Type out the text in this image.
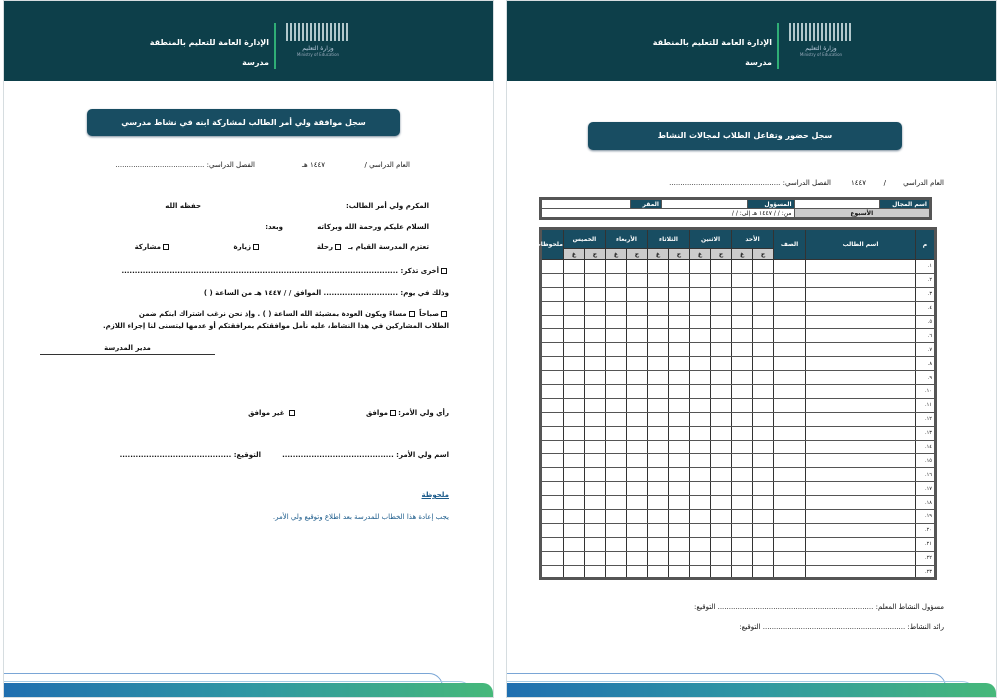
الإدارة العامة للتعليم بالمنطقة
مدرسة
وزارة التعليم
Ministry of Education
سجل موافقة ولي أمر الطالب لمشاركة ابنه في نشاط مدرسي
العام الدراسي /
١٤٤٧ هـ
الفصل الدراسي: ........................................
المكرم ولي أمر الطالب:
حفظه الله
السلام عليكم ورحمة الله وبركاته
وبعد:
تعتزم المدرسة القيام بـ
رحلة
زيارة
مشاركة
أخرى تذكر: ........................................................................................................
وذلك في يوم: ............................ الموافق / / ١٤٤٧ هـ من الساعة ( )
صباحاً مساءً ويكون العودة بمشيئة الله الساعة ( ) . وإذ نحن نرغب اشتراك ابنكم ضمن
الطلاب المشاركين في هذا النشاط، عليه نأمل موافقتكم بمرافقتكم أو عدمها ليتسنى لنا إجراء اللازم.
مدير المدرسة
رأي ولي الأمر:
موافق
غير موافق
اسم ولي الأمر: ..........................................
التوقيع: ..........................................
ملحوظة
يجب إعادة هذا الخطاب للمدرسة بعد اطلاع وتوقيع ولي الأمر.
الإدارة العامة للتعليم بالمنطقة
مدرسة
وزارة التعليم
Ministry of Education
سجل حضور وتفاعل الطلاب لمجالات النشاط
العام الدراسي
/
١٤٤٧
الفصل الدراسي: ..................................................
اسم المجال		المسؤول		المقر	
الأسبوع		من: / / ١٤٤٧ هـ إلى: / /			
م	اسم الطالب	الصف	الأحد		الاثنين		الثلاثاء		الأربعاء		الخميس		ملحوظات
			ح	غ	ح	غ	ح	غ	ح	غ	ح	غ	
١.													
٢.													
٣.													
٤.													
٥.													
٦.													
٧.													
٨.													
٩.													
١٠.													
١١.													
١٢.													
١٣.													
١٤.													
١٥.													
١٦.													
١٧.													
١٨.													
١٩.													
٢٠.													
٢١.													
٢٢.													
٢٣.													
مسؤول النشاط المعلم: ...................................................................... التوقيع:
رائد النشاط: ................................................................ التوقيع:
